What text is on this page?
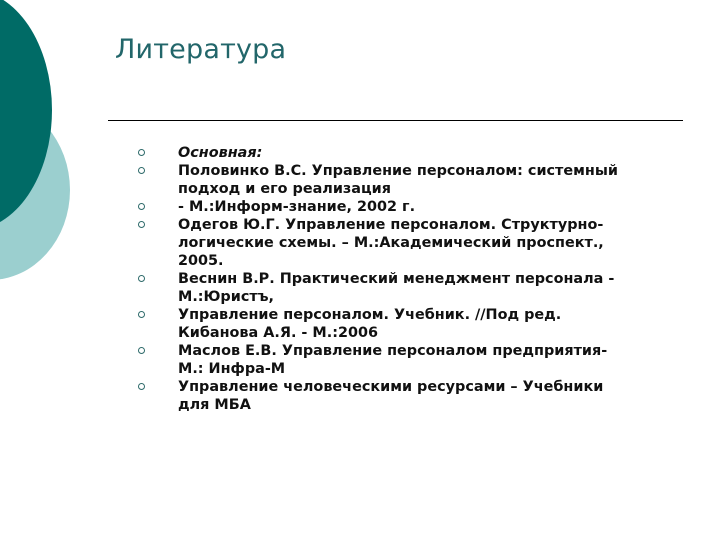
Литература
Основная:
Половинко В.С. Управление персоналом: системный
подход и его реализация
- М.:Информ-знание, 2002 г.
Одегов Ю.Г. Управление персоналом. Структурно-
логические схемы. – М.:Академический проспект.,
2005.
Веснин В.Р. Практический менеджмент персонала -
М.:Юристъ,
Управление персоналом. Учебник. //Под ред.
Кибанова А.Я. - М.:2006
Маслов Е.В. Управление персоналом предприятия-
М.: Инфра-М
Управление человеческими ресурсами – Учебники
для МБА
